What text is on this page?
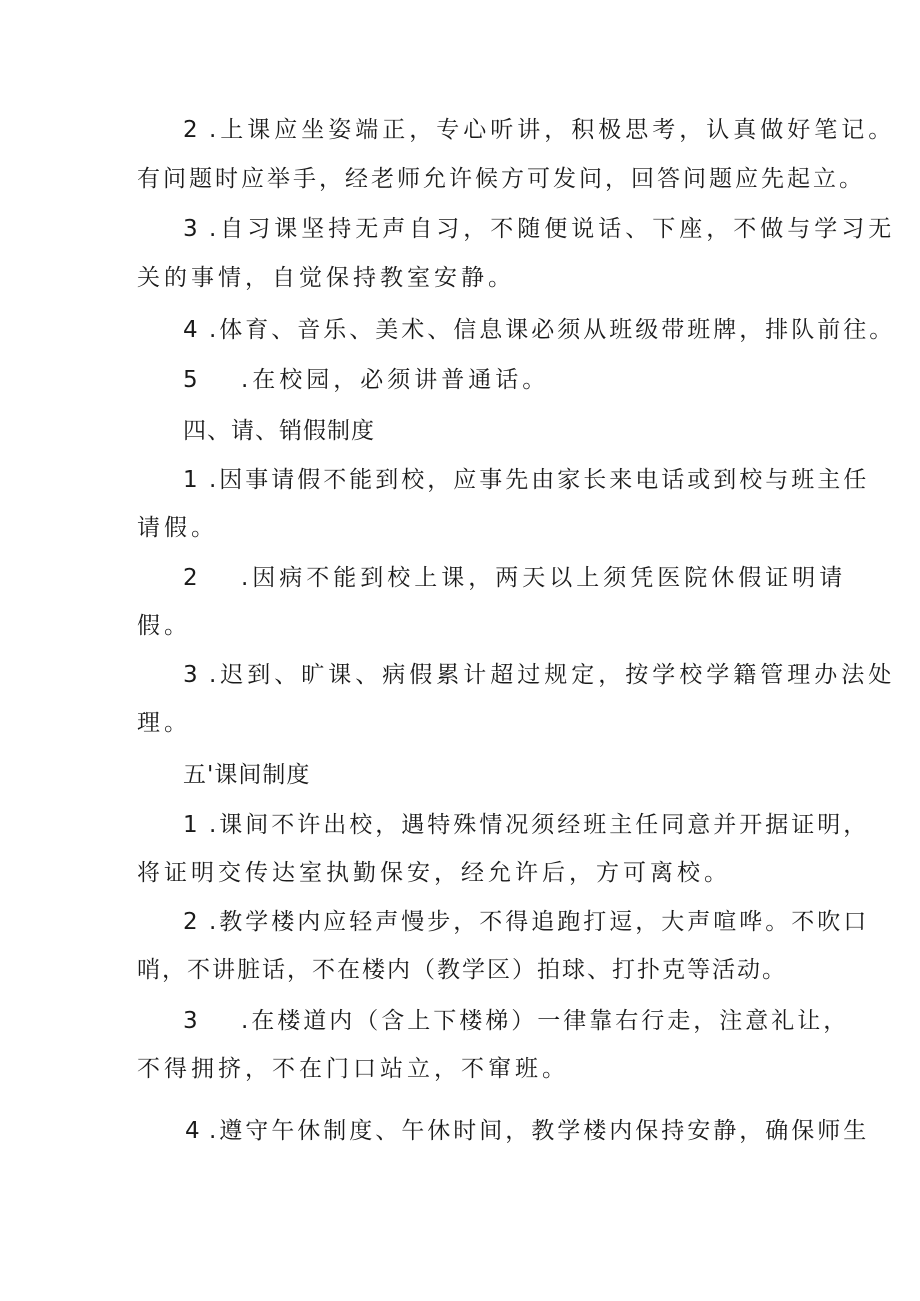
2 .上课应坐姿端正，专心听讲，积极思考，认真做好笔记。
有问题时应举手，经老师允许候方可发问，回答问题应先起立。
3 .自习课坚持无声自习，不随便说话、下座，不做与学习无
关的事情，自觉保持教室安静。
4 .体育、音乐、美术、信息课必须从班级带班牌，排队前往。
5 .在校园，必须讲普通话。
四、请、销假制度
1 .因事请假不能到校，应事先由家长来电话或到校与班主任
请假。
2 .因病不能到校上课，两天以上须凭医院休假证明请
假。
3 .迟到、旷课、病假累计超过规定，按学校学籍管理办法处
理。
五'课间制度
1 .课间不许出校，遇特殊情况须经班主任同意并开据证明，
将证明交传达室执勤保安，经允许后，方可离校。
2 .教学楼内应轻声慢步，不得追跑打逗，大声喧哗。不吹口
哨，不讲脏话，不在楼内（教学区）拍球、打扑克等活动。
3 .在楼道内（含上下楼梯）一律靠右行走，注意礼让，
不得拥挤，不在门口站立，不窜班。
4 .遵守午休制度、午休时间，教学楼内保持安静，确保师生
